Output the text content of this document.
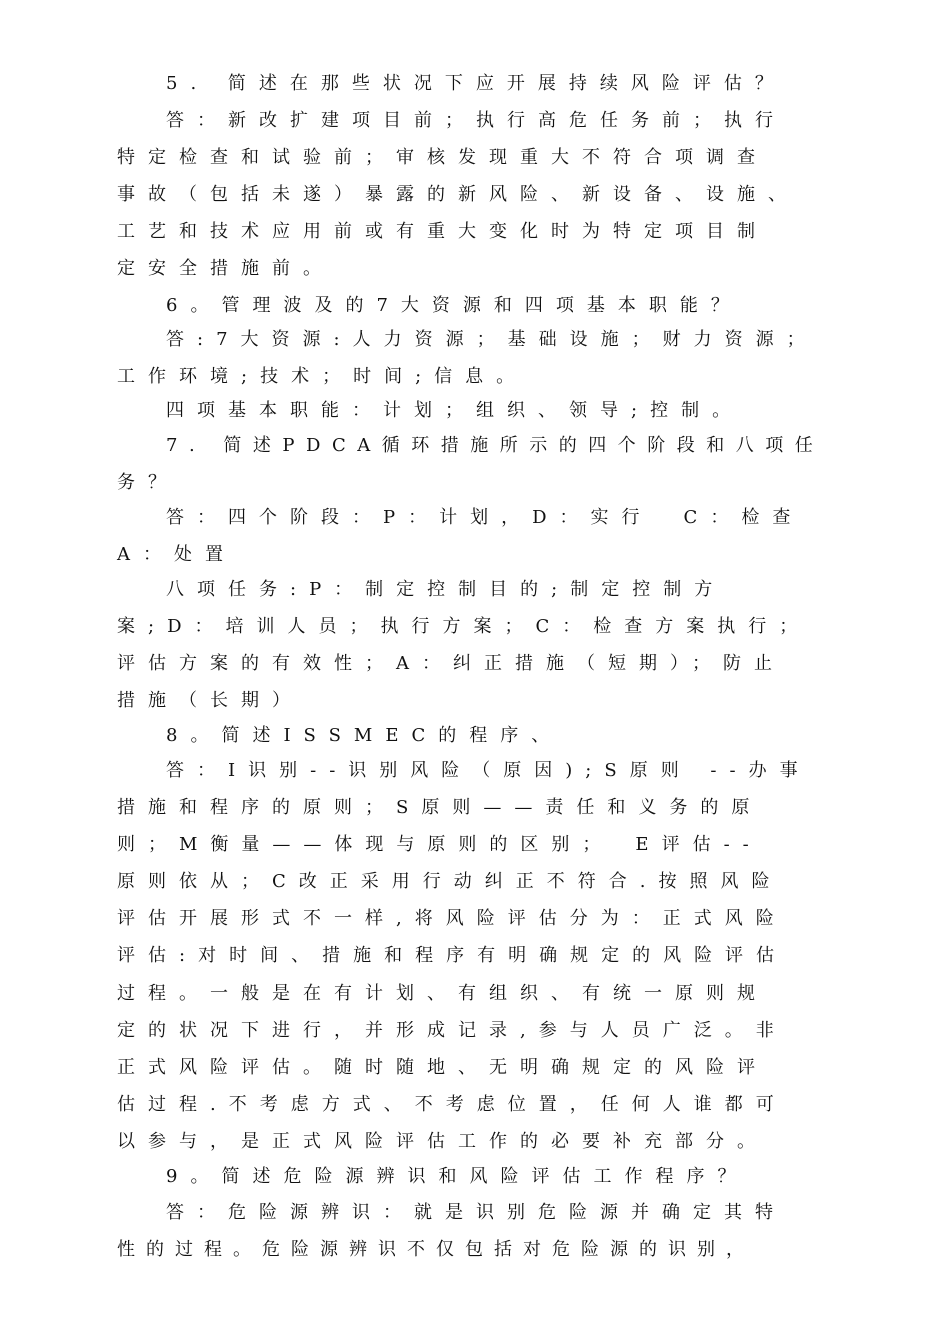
5. 简述在那些状况下应开展持续风险评估？
答：新改扩建项目前；执行高危任务前；执行
特定检查和试验前；审核发现重大不符合项调查
事故（包括未遂）暴露的新风险、新设备、设施、
工艺和技术应用前或有重大变化时为特定项目制
定安全措施前。
6。管理波及的7大资源和四项基本职能？
答:7大资源:人力资源；基础设施；财力资源；
工作环境;技术；时间;信息。
四项基本职能：计划；组织、领导;控制。
7. 简述PDCA循环措施所示的四个阶段和八项任
务？
答：四个阶段：P：计划，D：实行　C：检查
A：处置
八项任务:P：制定控制目的;制定控制方
案;D：培训人员；执行方案；C：检查方案执行；
评估方案的有效性；A：纠正措施（短期）；防止
措施（长期）
8。简述ISSMEC的程序、
答：I识别--识别风险（原因);S原则 --办事
措施和程序的原则；S原则——责任和义务的原
则；M衡量——体现与原则的区别；　E评估--
原则依从；C改正采用行动纠正不符合.按照风险
评估开展形式不一样,将风险评估分为：正式风险
评估:对时间、措施和程序有明确规定的风险评估
过程。一般是在有计划、有组织、有统一原则规
定的状况下进行，并形成记录,参与人员广泛。非
正式风险评估。随时随地、无明确规定的风险评
估过程.不考虑方式、不考虑位置，任何人谁都可
以参与，是正式风险评估工作的必要补充部分。
9。简述危险源辨识和风险评估工作程序？
答：危险源辨识：就是识别危险源并确定其特
性的过程。危险源辨识不仅包括对危险源的识别，
